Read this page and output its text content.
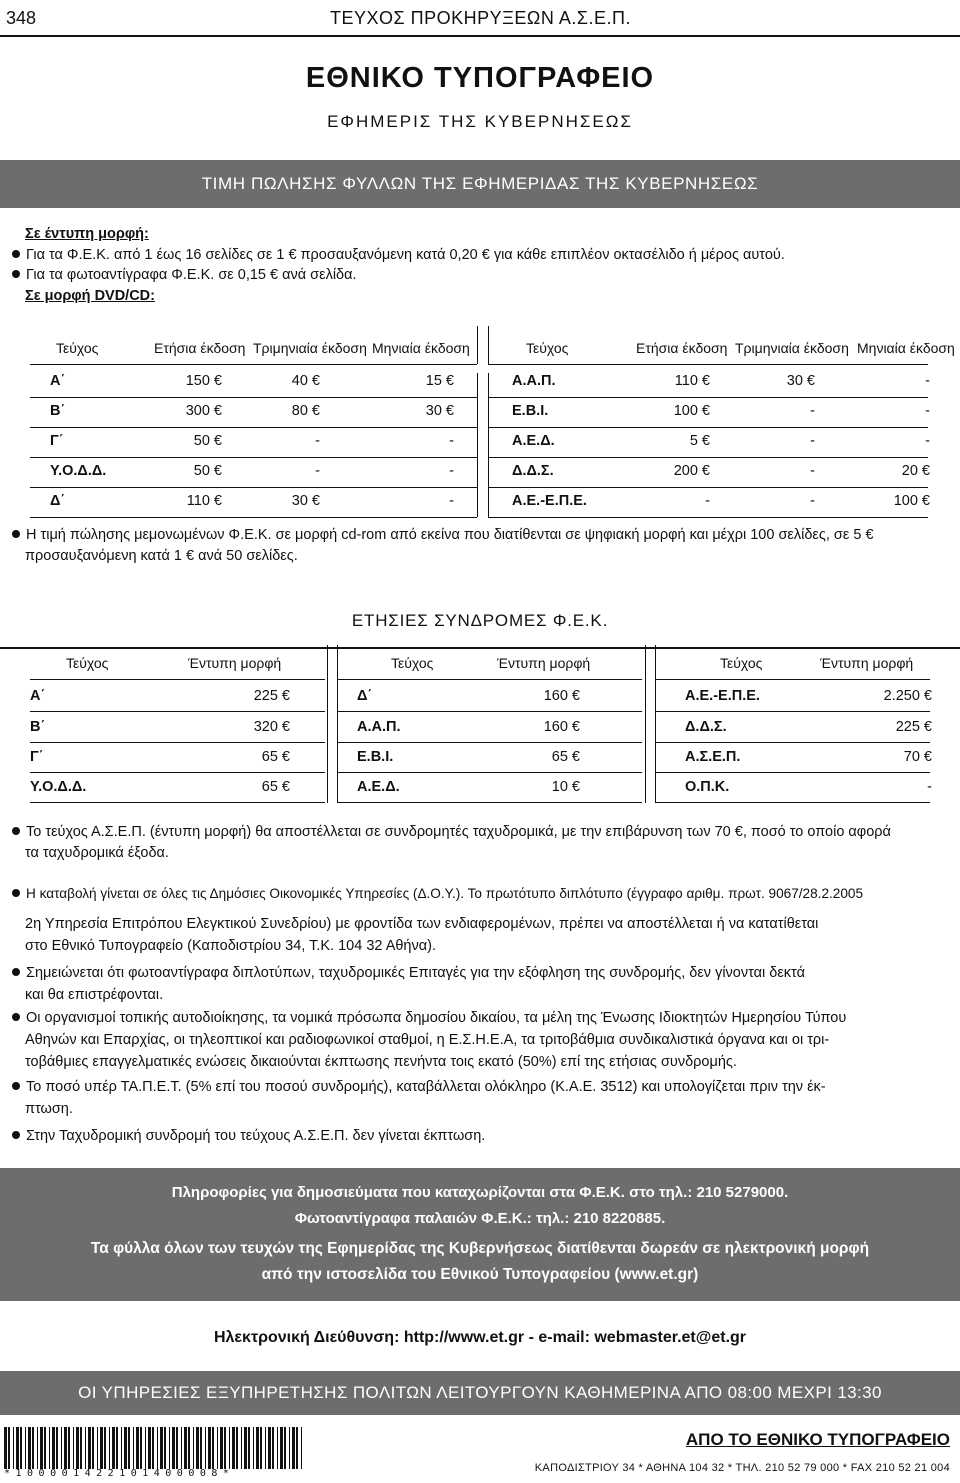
348	ΤΕΥΧΟΣ ΠΡΟΚΗΡΥΞΕΩΝ Α.Σ.Ε.Π.
ΕΘΝΙΚΟ ΤΥΠΟΓΡΑΦΕΙΟ
ΕΦΗΜΕΡΙΣ ΤΗΣ ΚΥΒΕΡΝΗΣΕΩΣ
ΤΙΜΗ ΠΩΛΗΣΗΣ ΦΥΛΛΩΝ ΤΗΣ ΕΦΗΜΕΡΙΔΑΣ ΤΗΣ ΚΥΒΕΡΝΗΣΕΩΣ
Σε έντυπη μορφή:
Για τα Φ.Ε.Κ. από 1 έως 16 σελίδες σε 1 € προσαυξανόμενη κατά 0,20 € για κάθε επιπλέον οκτασέλιδο ή μέρος αυτού.
Για τα φωτοαντίγραφα Φ.Ε.Κ. σε 0,15 € ανά σελίδα.
Σε μορφή DVD/CD:
Τεύχος	Ετήσια έκδοση Τριμηνιαία έκδοση Μηνιαία έκδοση	Τεύχος	Ετήσια έκδοση Τριμηνιαία έκδοση Μηνιαία έκδοση
Α΄	150 €	40 €	15 €	Α.Α.Π.	110 €	30 €	-
Β΄	300 €	80 €	30 €	Ε.Β.Ι.	100 €	-	-
Γ΄	50 €	-	-	Α.Ε.Δ.	5 €	-	-
Υ.Ο.Δ.Δ.	50 €	-	-	Δ.Δ.Σ.	200 €	-	20 €
Δ΄	110 €	30 €	-	Α.Ε.-Ε.Π.Ε.	-	-	100 €
Η τιμή πώλησης μεμονωμένων Φ.Ε.Κ. σε μορφή cd-rom από εκείνα που διατίθενται σε ψηφιακή μορφή και μέχρι 100 σελίδες, σε 5 €
προσαυξανόμενη κατά 1 € ανά 50 σελίδες.
ΕΤΗΣΙΕΣ ΣΥΝΔΡΟΜΕΣ Φ.Ε.Κ.
Τεύχος	Έντυπη μορφή
Α΄	225 €
Β΄	320 €
Γ΄	65 €
Υ.Ο.Δ.Δ.	65 €
Τεύχος	Έντυπη μορφή
Δ΄	160 €
Α.Α.Π.	160 €
Ε.Β.Ι.	65 €
Α.Ε.Δ.	10 €
Τεύχος	Έντυπη μορφή
Α.Ε.-Ε.Π.Ε.	2.250 €
Δ.Δ.Σ.	225 €
Α.Σ.Ε.Π.	70 €
Ο.Π.Κ.	-
Το τεύχος Α.Σ.Ε.Π. (έντυπη μορφή) θα αποστέλλεται σε συνδρομητές ταχυδρομικά, με την επιβάρυνση των 70 €, ποσό το οποίο αφορά
τα ταχυδρομικά έξοδα.
Η καταβολή γίνεται σε όλες τις Δημόσιες Οικονομικές Υπηρεσίες (Δ.Ο.Υ.). Το πρωτότυπο διπλότυπο (έγγραφο αριθμ. πρωτ. 9067/28.2.2005
2η Υπηρεσία Επιτρόπου Ελεγκτικού Συνεδρίου) με φροντίδα των ενδιαφερομένων, πρέπει να αποστέλλεται ή να κατατίθεται
στο Εθνικό Τυπογραφείο (Καποδιστρίου 34, Τ.Κ. 104 32 Αθήνα).
Σημειώνεται ότι φωτοαντίγραφα διπλοτύπων, ταχυδρομικές Επιταγές για την εξόφληση της συνδρομής, δεν γίνονται δεκτά
και θα επιστρέφονται.
Οι οργανισμοί τοπικής αυτοδιοίκησης, τα νομικά πρόσωπα δημοσίου δικαίου, τα μέλη της Ένωσης Ιδιοκτητών Ημερησίου Τύπου
Αθηνών και Επαρχίας, οι τηλεοπτικοί και ραδιοφωνικοί σταθμοί, η Ε.Σ.Η.Ε.Α, τα τριτοβάθμια συνδικαλιστικά όργανα και οι τρι-
τοβάθμιες επαγγελματικές ενώσεις δικαιούνται έκπτωσης πενήντα τοις εκατό (50%) επί της ετήσιας συνδρομής.
Το ποσό υπέρ ΤΑ.Π.Ε.Τ. (5% επί του ποσού συνδρομής), καταβάλλεται ολόκληρο (Κ.Α.Ε. 3512) και υπολογίζεται πριν την έκ-
πτωση.
Στην Ταχυδρομική συνδρομή του τεύχους Α.Σ.Ε.Π. δεν γίνεται έκπτωση.
Πληροφορίες για δημοσιεύματα που καταχωρίζονται στα Φ.Ε.Κ. στο τηλ.: 210 5279000.
Φωτοαντίγραφα παλαιών Φ.Ε.Κ.: τηλ.: 210 8220885.
Τα φύλλα όλων των τευχών της Εφημερίδας της Κυβερνήσεως διατίθενται δωρεάν σε ηλεκτρονική μορφή
από την ιστοσελίδα του Εθνικού Τυπογραφείου (www.et.gr)
Ηλεκτρονική Διεύθυνση: http://www.et.gr - e-mail: webmaster.et@et.gr
ΟΙ ΥΠΗΡΕΣΙΕΣ ΕΞΥΠΗΡΕΤΗΣΗΣ ΠΟΛΙΤΩΝ ΛΕΙΤΟΥΡΓΟΥΝ ΚΑΘΗΜΕΡΙΝΑ ΑΠΟ 08:00 ΜΕΧΡΙ 13:30
*100001422101400008*
ΑΠΟ ΤΟ ΕΘΝΙΚΟ ΤΥΠΟΓΡΑΦΕΙΟ
ΚΑΠΟΔΙΣΤΡΙΟΥ 34 * ΑΘΗΝΑ 104 32 * ΤΗΛ. 210 52 79 000 * FAX 210 52 21 004
